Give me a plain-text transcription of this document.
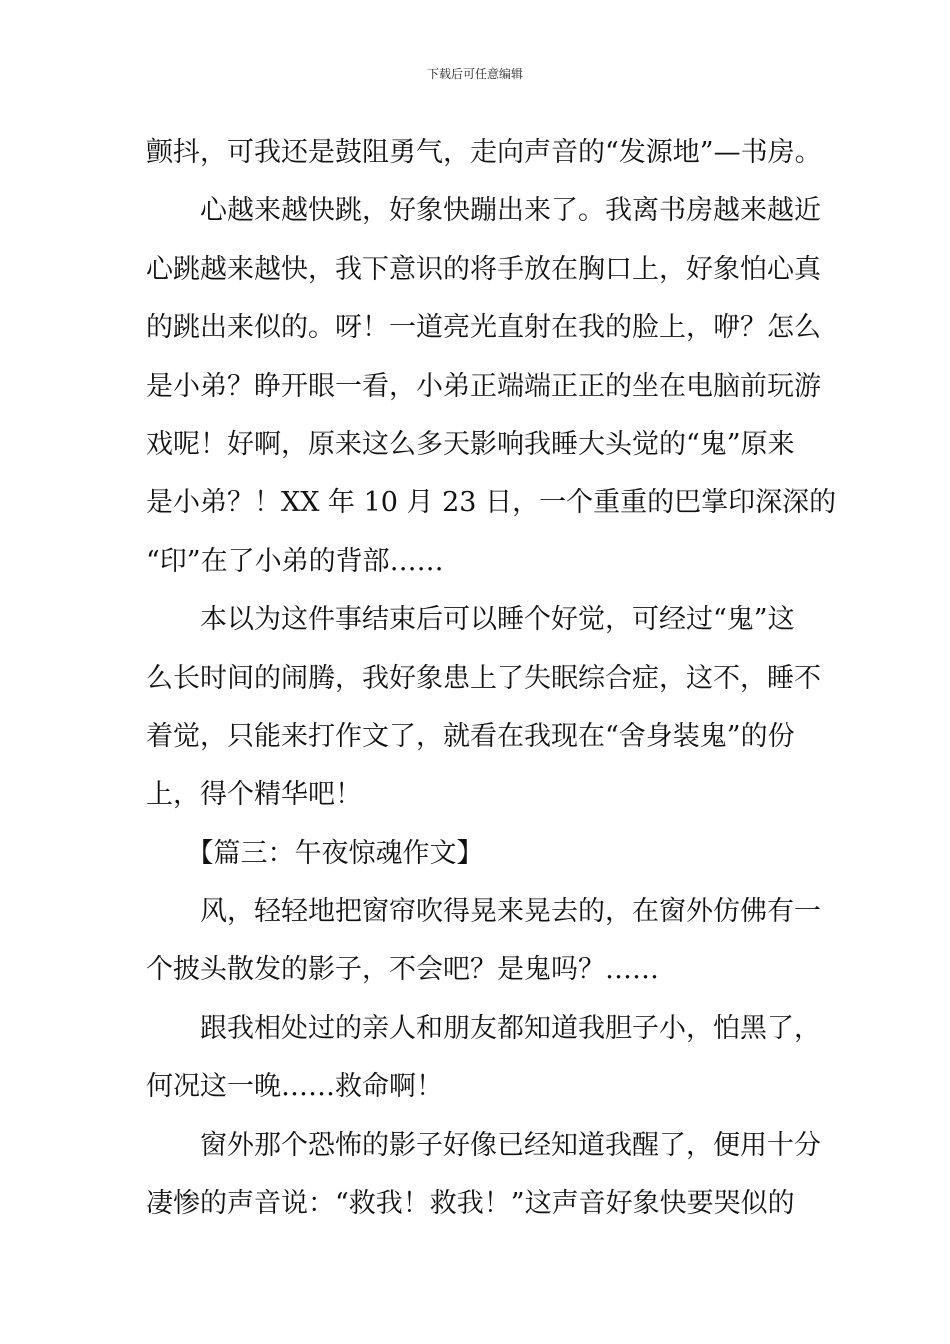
下载后可任意编辑
颤抖，可我还是鼓阻勇气，走向声音的“发源地”—书房。
　　心越来越快跳，好象快蹦出来了。我离书房越来越近
心跳越来越快，我下意识的将手放在胸口上，好象怕心真
的跳出来似的。呀！一道亮光直射在我的脸上，咿？怎么
是小弟？睁开眼一看，小弟正端端正正的坐在电脑前玩游
戏呢！好啊，原来这么多天影响我睡大头觉的“鬼”原来
是小弟？！XX 年 10 月 23 日，一个重重的巴掌印深深的
“印”在了小弟的背部……
　　本以为这件事结束后可以睡个好觉，可经过“鬼”这
么长时间的闹腾，我好象患上了失眠综合症，这不，睡不
着觉，只能来打作文了，就看在我现在“舍身装鬼”的份
上，得个精华吧！
　　【篇三：午夜惊魂作文】
　　风，轻轻地把窗帘吹得晃来晃去的，在窗外仿佛有一
个披头散发的影子，不会吧？是鬼吗？……
　　跟我相处过的亲人和朋友都知道我胆子小，怕黑了，
何况这一晚……救命啊！
　　窗外那个恐怖的影子好像已经知道我醒了，便用十分
凄惨的声音说：“救我！救我！”这声音好象快要哭似的
